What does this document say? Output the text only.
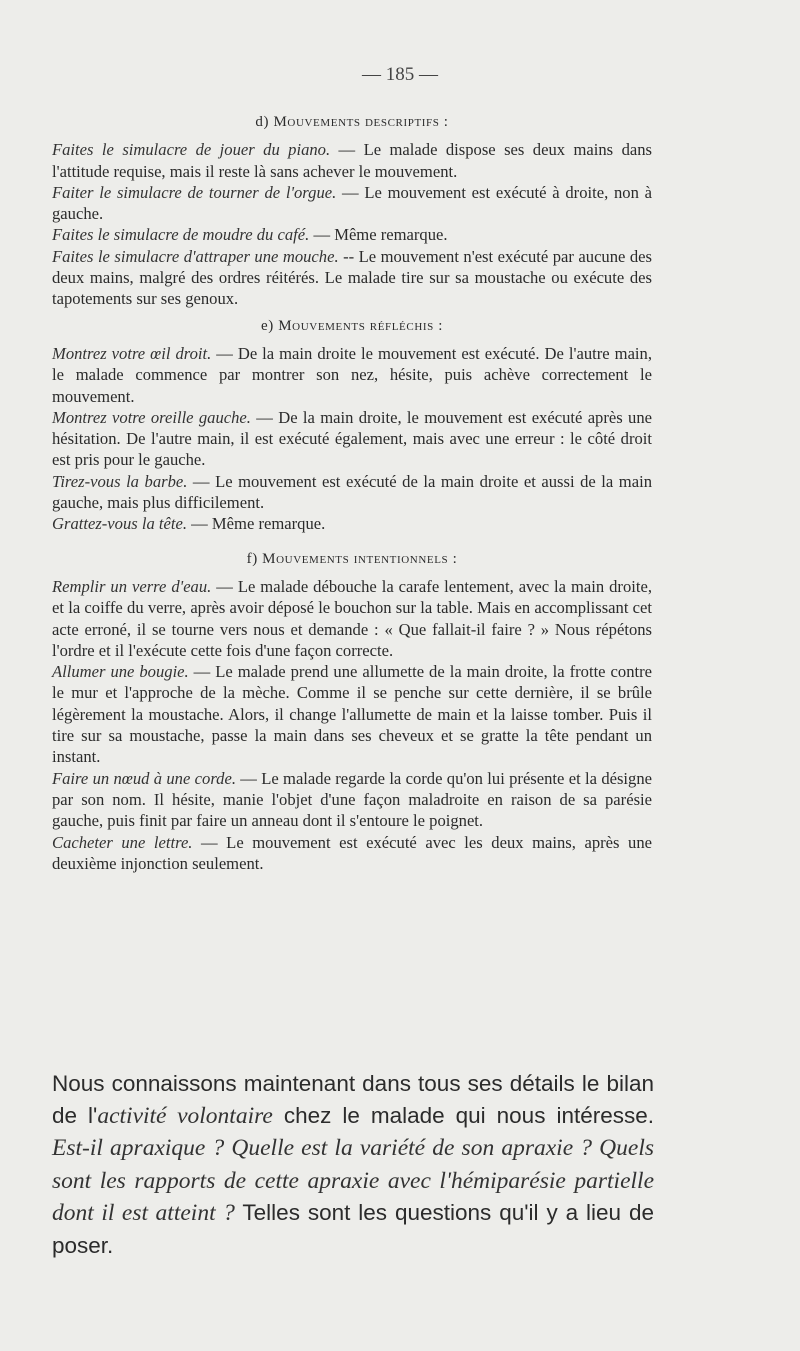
— 185 —

d) Mouvements descriptifs :

Faites le simulacre de jouer du piano. — Le malade dispose ses deux mains dans l'attitude requise, mais il reste là sans achever le mouvement.

Faiter le simulacre de tourner de l'orgue. — Le mouvement est exécuté à droite, non à gauche.

Faites le simulacre de moudre du café. — Même remarque.

Faites le simulacre d'attraper une mouche. -- Le mouvement n'est exécuté par aucune des deux mains, malgré des ordres réitérés. Le malade tire sur sa moustache ou exécute des tapotements sur ses genoux.

e) Mouvements réfléchis :

Montrez votre œil droit. — De la main droite le mouvement est exécuté. De l'autre main, le malade commence par montrer son nez, hésite, puis achève correctement le mouvement.

Montrez votre oreille gauche. — De la main droite, le mouvement est exécuté après une hésitation. De l'autre main, il est exécuté également, mais avec une erreur : le côté droit est pris pour le gauche.

Tirez-vous la barbe. — Le mouvement est exécuté de la main droite et aussi de la main gauche, mais plus difficilement.

Grattez-vous la tête. — Même remarque.

f) Mouvements intentionnels :

Remplir un verre d'eau. — Le malade débouche la carafe lentement, avec la main droite, et la coiffe du verre, après avoir déposé le bouchon sur la table. Mais en accomplissant cet acte erroné, il se tourne vers nous et demande : « Que fallait-il faire ? » Nous répétons l'ordre et il l'exécute cette fois d'une façon correcte.

Allumer une bougie. — Le malade prend une allumette de la main droite, la frotte contre le mur et l'approche de la mèche. Comme il se penche sur cette dernière, il se brûle légèrement la moustache. Alors, il change l'allumette de main et la laisse tomber. Puis il tire sur sa moustache, passe la main dans ses cheveux et se gratte la tête pendant un instant.

Faire un nœud à une corde. — Le malade regarde la corde qu'on lui présente et la désigne par son nom. Il hésite, manie l'objet d'une façon maladroite en raison de sa parésie gauche, puis finit par faire un anneau dont il s'entoure le poignet.

Cacheter une lettre. — Le mouvement est exécuté avec les deux mains, après une deuxième injonction seulement.

Nous connaissons maintenant dans tous ses détails le bilan de l'activité volontaire chez le malade qui nous intéresse. Est-il apraxique ? Quelle est la variété de son apraxie ? Quels sont les rapports de cette apraxie avec l'hémiparésie partielle dont il est atteint ? Telles sont les questions qu'il y a lieu de poser.
